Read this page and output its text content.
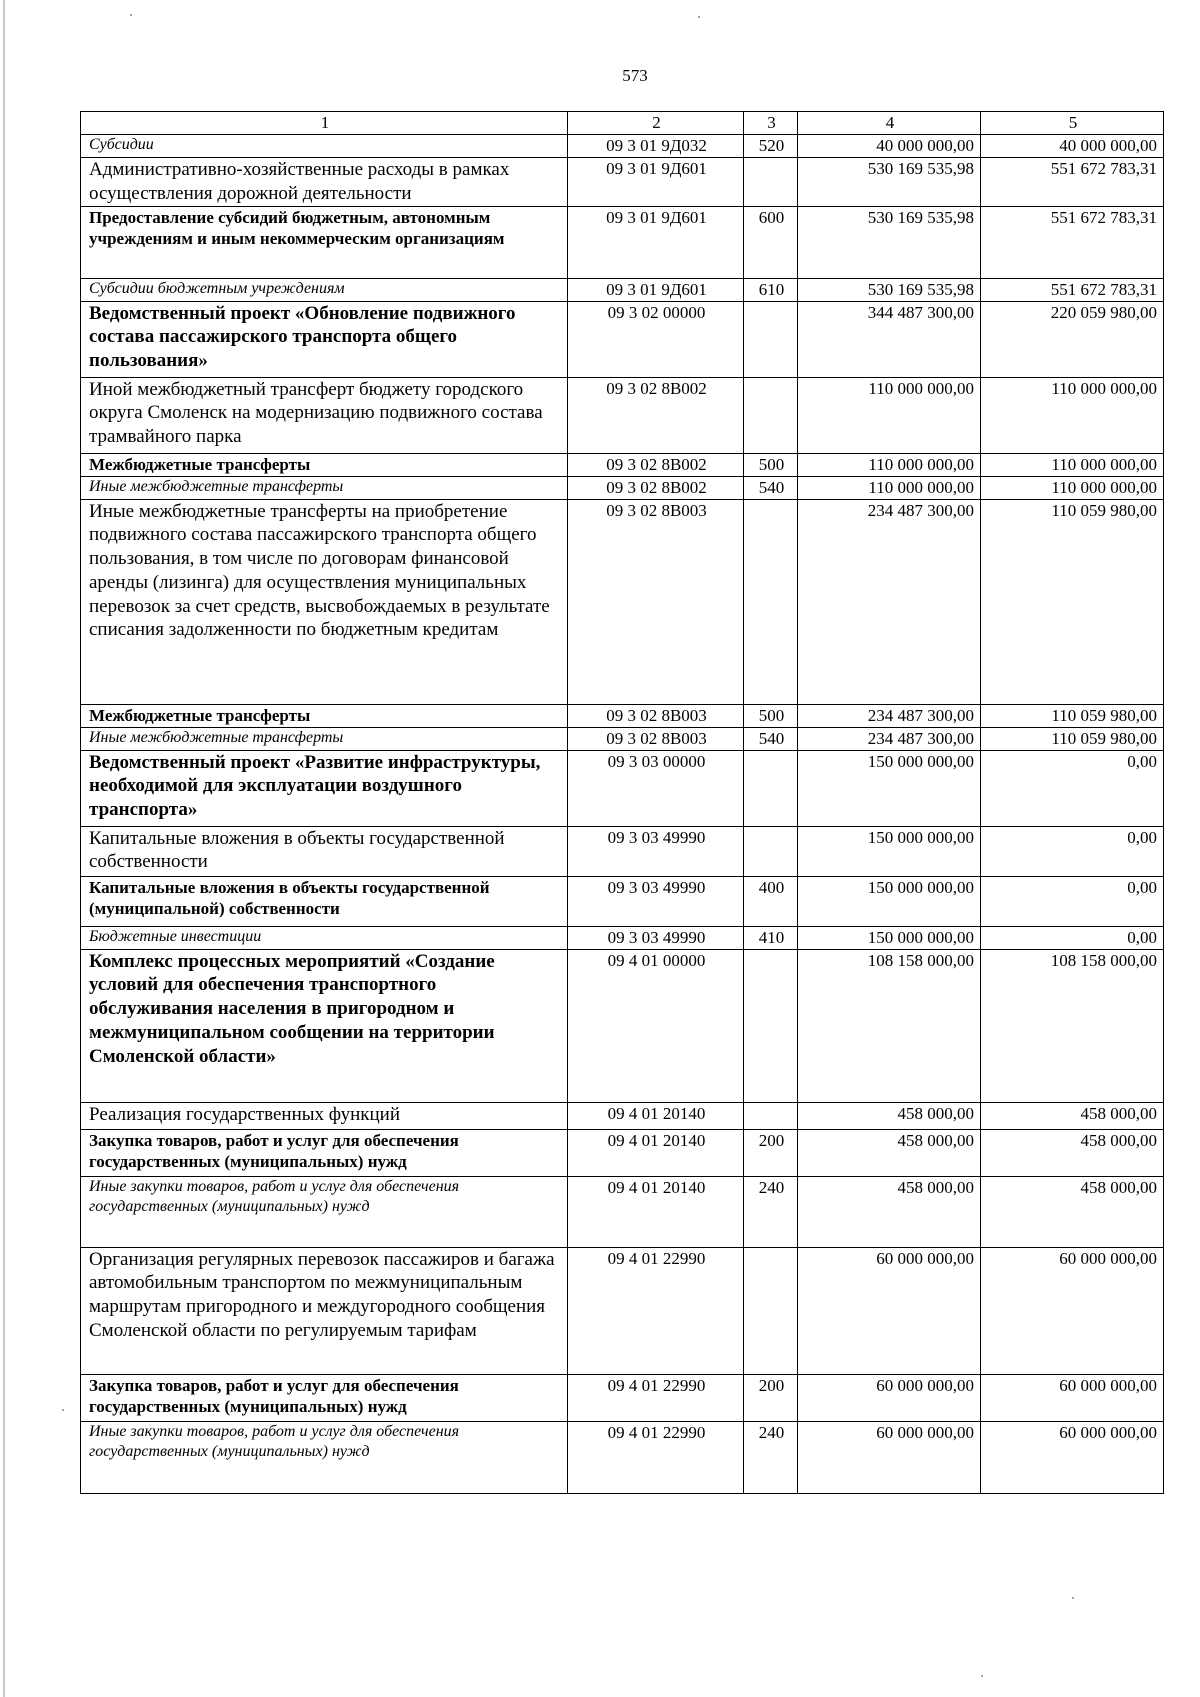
573
1	2	3	4	5
Субсидии	09 3 01 9Д032	520	40 000 000,00	40 000 000,00
Административно-хозяйственные расходы в рамках осуществления дорожной деятельности	09 3 01 9Д601		530 169 535,98	551 672 783,31
Предоставление субсидий бюджетным, автономным учреждениям и иным некоммерческим организациям	09 3 01 9Д601	600	530 169 535,98	551 672 783,31
Субсидии бюджетным учреждениям	09 3 01 9Д601	610	530 169 535,98	551 672 783,31
Ведомственный проект «Обновление подвижного состава пассажирского транспорта общего пользования»	09 3 02 00000		344 487 300,00	220 059 980,00
Иной межбюджетный трансферт бюджету городского округа Смоленск на модернизацию подвижного состава трамвайного парка	09 3 02 8В002		110 000 000,00	110 000 000,00
Межбюджетные трансферты	09 3 02 8В002	500	110 000 000,00	110 000 000,00
Иные межбюджетные трансферты	09 3 02 8В002	540	110 000 000,00	110 000 000,00
Иные межбюджетные трансферты на приобретение подвижного состава пассажирского транспорта общего пользования, в том числе по договорам финансовой аренды (лизинга) для осуществления муниципальных перевозок за счет средств, высвобождаемых в результате списания задолженности по бюджетным кредитам	09 3 02 8В003		234 487 300,00	110 059 980,00
Межбюджетные трансферты	09 3 02 8В003	500	234 487 300,00	110 059 980,00
Иные межбюджетные трансферты	09 3 02 8В003	540	234 487 300,00	110 059 980,00
Ведомственный проект «Развитие инфраструктуры, необходимой для эксплуатации воздушного транспорта»	09 3 03 00000		150 000 000,00	0,00
Капитальные вложения в объекты государственной собственности	09 3 03 49990		150 000 000,00	0,00
Капитальные вложения в объекты государственной (муниципальной) собственности	09 3 03 49990	400	150 000 000,00	0,00
Бюджетные инвестиции	09 3 03 49990	410	150 000 000,00	0,00
Комплекс процессных мероприятий «Создание условий для обеспечения транспортного обслуживания населения в пригородном и межмуниципальном сообщении на территории Смоленской области»	09 4 01 00000		108 158 000,00	108 158 000,00
Реализация государственных функций	09 4 01 20140		458 000,00	458 000,00
Закупка товаров, работ и услуг для обеспечения государственных (муниципальных) нужд	09 4 01 20140	200	458 000,00	458 000,00
Иные закупки товаров, работ и услуг для обеспечения государственных (муниципальных) нужд	09 4 01 20140	240	458 000,00	458 000,00
Организация регулярных перевозок пассажиров и багажа автомобильным транспортом по межмуниципальным маршрутам пригородного и междугородного сообщения Смоленской области по регулируемым тарифам	09 4 01 22990		60 000 000,00	60 000 000,00
Закупка товаров, работ и услуг для обеспечения государственных (муниципальных) нужд	09 4 01 22990	200	60 000 000,00	60 000 000,00
Иные закупки товаров, работ и услуг для обеспечения государственных (муниципальных) нужд	09 4 01 22990	240	60 000 000,00	60 000 000,00
